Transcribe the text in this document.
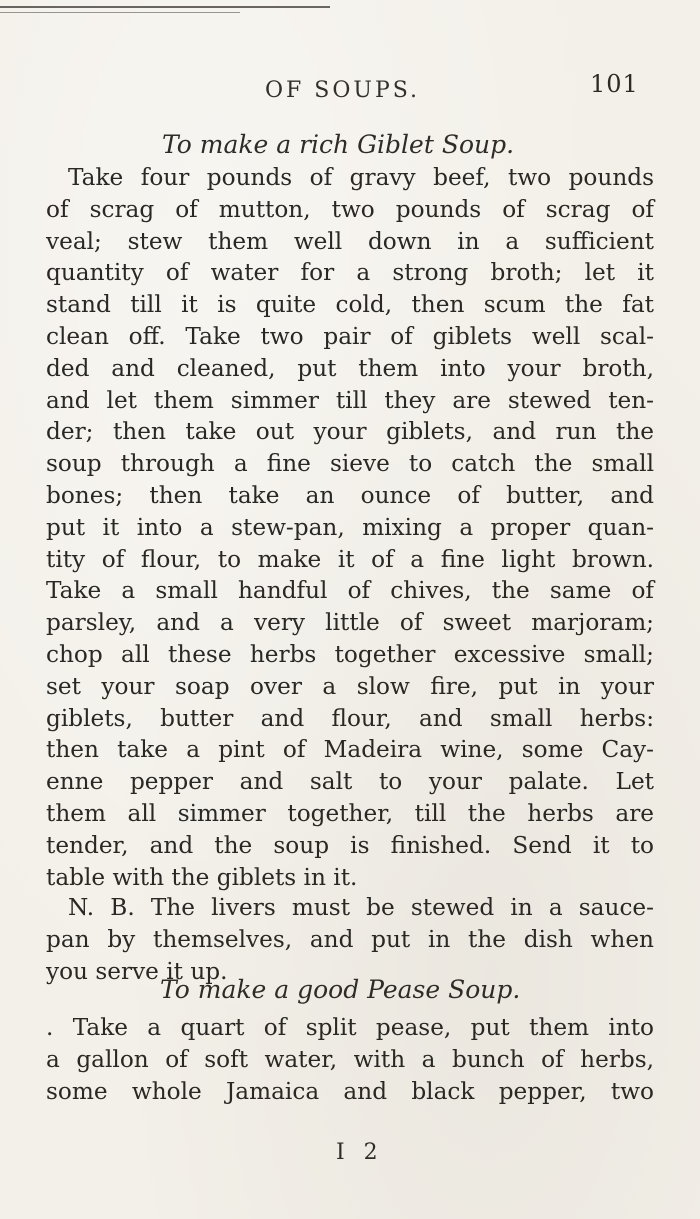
OF SOUPS.	101
To make a rich Giblet Soup.
Take four pounds of gravy beef, two pounds
of scrag of mutton, two pounds of scrag of
veal; stew them well down in a sufficient
quantity of water for a strong broth; let it
stand till it is quite cold, then scum the fat
clean off. Take two pair of giblets well scal-
ded and cleaned, put them into your broth,
and let them simmer till they are stewed ten-
der; then take out your giblets, and run the
soup through a fine sieve to catch the small
bones; then take an ounce of butter, and
put it into a stew-pan, mixing a proper quan-
tity of flour, to make it of a fine light brown.
Take a small handful of chives, the same of
parsley, and a very little of sweet marjoram;
chop all these herbs together excessive small;
set your soap over a slow fire, put in your
giblets, butter and flour, and small herbs:
then take a pint of Madeira wine, some Cay-
enne pepper and salt to your palate. Let
them all simmer together, till the herbs are
tender, and the soup is finished. Send it to
table with the giblets in it.
N. B. The livers must be stewed in a sauce-
pan by themselves, and put in the dish when
you serve it up.
To make a good Pease Soup.
. Take a quart of split pease, put them into
a gallon of soft water, with a bunch of herbs,
some whole Jamaica and black pepper, two
I 2
